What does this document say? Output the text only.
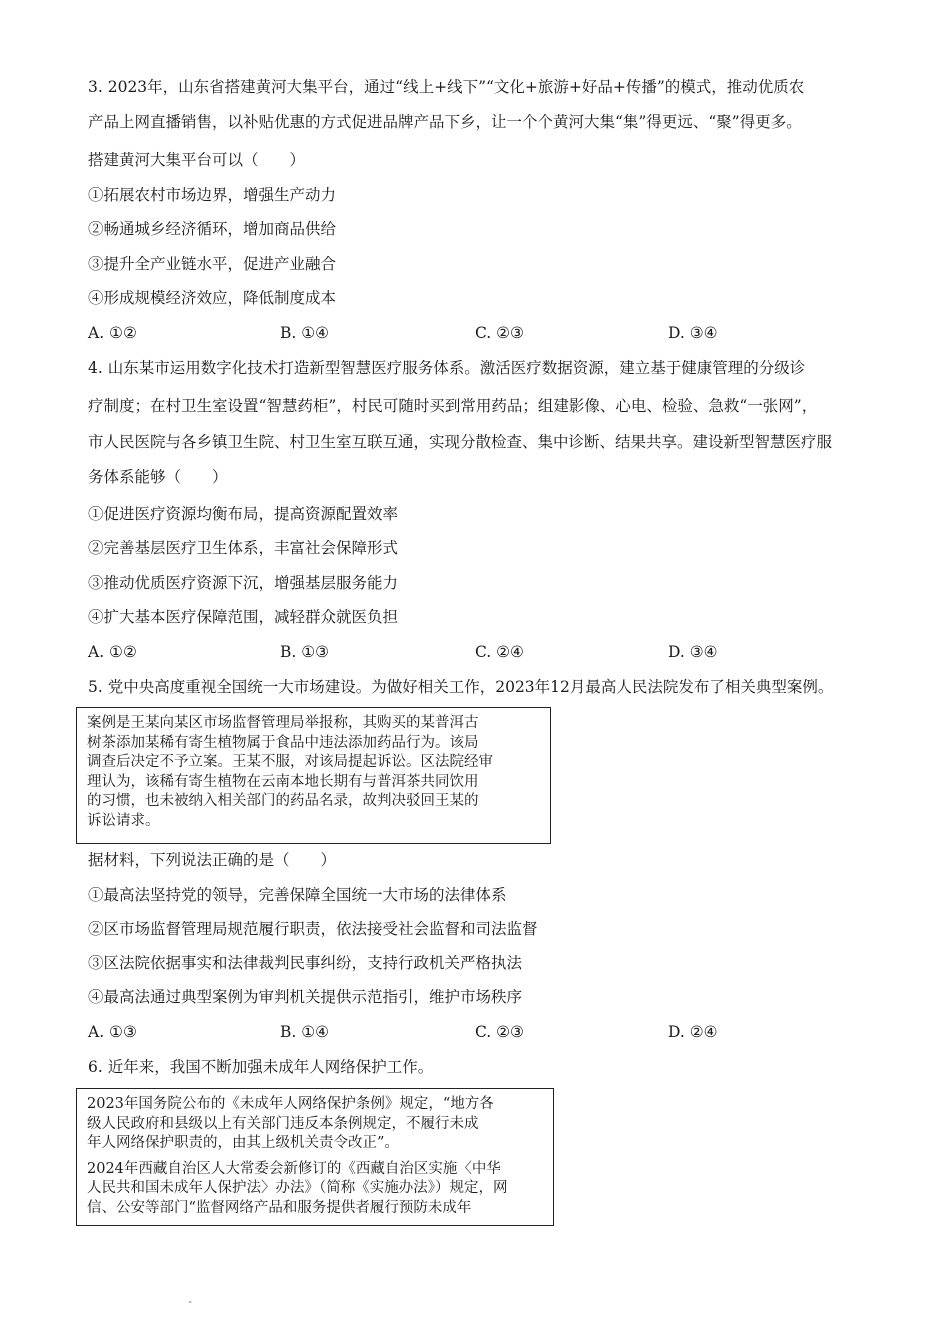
3. 2023年，山东省搭建黄河大集平台，通过“线上+线下”“文化+旅游+好品+传播”的模式，推动优质农
产品上网直播销售，以补贴优惠的方式促进品牌产品下乡，让一个个黄河大集“集”得更远、“聚”得更多。
搭建黄河大集平台可以（　　）
①拓展农村市场边界，增强生产动力
②畅通城乡经济循环，增加商品供给
③提升全产业链水平，促进产业融合
④形成规模经济效应，降低制度成本
A. ①②	B. ①④	C. ②③	D. ③④
4. 山东某市运用数字化技术打造新型智慧医疗服务体系。激活医疗数据资源，建立基于健康管理的分级诊
疗制度；在村卫生室设置“智慧药柜”，村民可随时买到常用药品；组建影像、心电、检验、急救“一张网”，
市人民医院与各乡镇卫生院、村卫生室互联互通，实现分散检查、集中诊断、结果共享。建设新型智慧医疗服
务体系能够（　　）
①促进医疗资源均衡布局，提高资源配置效率
②完善基层医疗卫生体系，丰富社会保障形式
③推动优质医疗资源下沉，增强基层服务能力
④扩大基本医疗保障范围，减轻群众就医负担
A. ①②	B. ①③	C. ②④	D. ③④
5. 党中央高度重视全国统一大市场建设。为做好相关工作，2023年12月最高人民法院发布了相关典型案例。

案例是王某向某区市场监督管理局举报称，其购买的某普洱古

树茶添加某稀有寄生植物属于食品中违法添加药品行为。该局

调查后决定不予立案。王某不服，对该局提起诉讼。区法院经审

理认为，该稀有寄生植物在云南本地长期有与普洱茶共同饮用

的习惯，也未被纳入相关部门的药品名录，故判决驳回王某的

诉讼请求。

据材料，下列说法正确的是（　　）
①最高法坚持党的领导，完善保障全国统一大市场的法律体系
②区市场监督管理局规范履行职责，依法接受社会监督和司法监督
③区法院依据事实和法律裁判民事纠纷，支持行政机关严格执法
④最高法通过典型案例为审判机关提供示范指引，维护市场秩序
A. ①③	B. ①④	C. ②③	D. ②④
6. 近年来，我国不断加强未成年人网络保护工作。

2023年国务院公布的《未成年人网络保护条例》规定，“地方各

级人民政府和县级以上有关部门违反本条例规定，不履行未成

年人网络保护职责的，由其上级机关责令改正”。

2024年西藏自治区人大常委会新修订的《西藏自治区实施〈中华

人民共和国未成年人保护法〉办法》（简称《实施办法》）规定，网

信、公安等部门“监督网络产品和服务提供者履行预防未成年

“
